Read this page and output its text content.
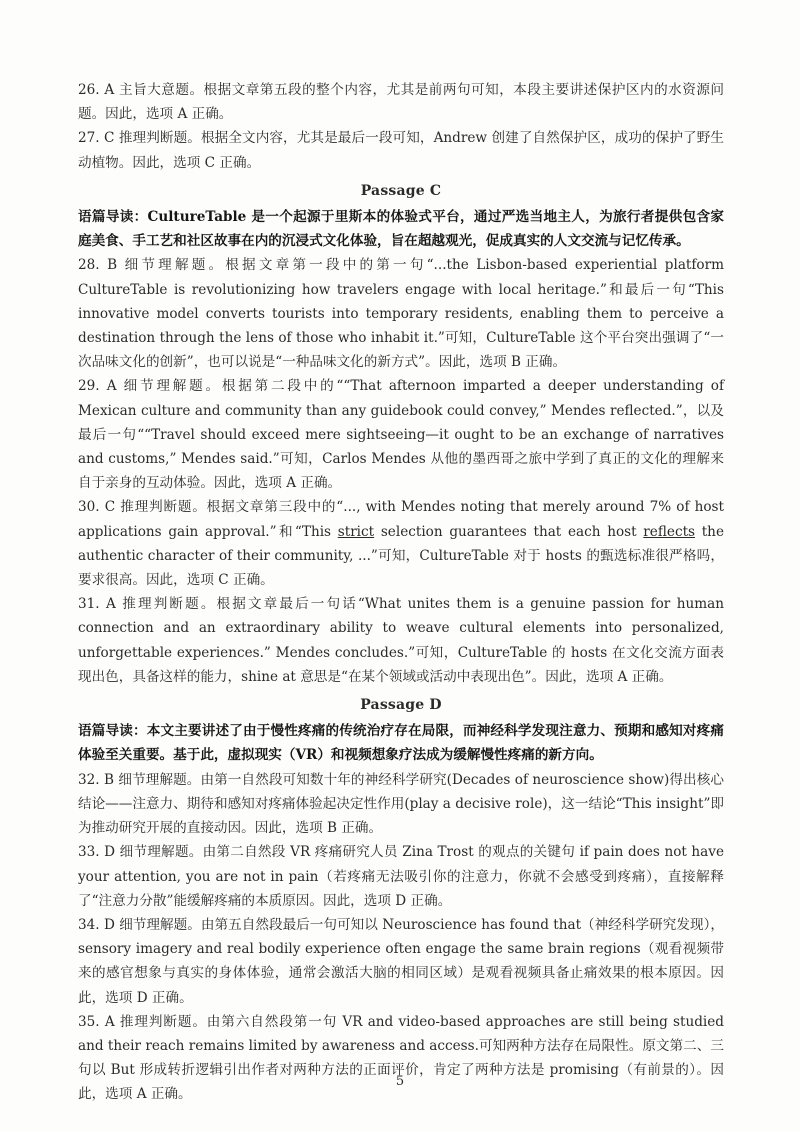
26. A 主旨大意题。根据文章第五段的整个内容，尤其是前两句可知，本段主要讲述保护区内的水资源问题。因此，选项 A 正确。

27. C 推理判断题。根据全文内容，尤其是最后一段可知，Andrew 创建了自然保护区，成功的保护了野生动植物。因此，选项 C 正确。

Passage C

语篇导读：CultureTable 是一个起源于里斯本的体验式平台，通过严选当地主人，为旅行者提供包含家庭美食、手工艺和社区故事在内的沉浸式文化体验，旨在超越观光，促成真实的人文交流与记忆传承。

28. B 细节理解题。根据文章第一段中的第一句“...the Lisbon-based experiential platform CultureTable is revolutionizing how travelers engage with local heritage.”和最后一句“This innovative model converts tourists into temporary residents, enabling them to perceive a destination through the lens of those who inhabit it.”可知，CultureTable 这个平台突出强调了“一次品味文化的创新”，也可以说是“一种品味文化的新方式”。因此，选项 B 正确。

29. A 细节理解题。根据第二段中的““That afternoon imparted a deeper understanding of Mexican culture and community than any guidebook could convey,” Mendes reflected.”，以及最后一句““Travel should exceed mere sightseeing—it ought to be an exchange of narratives and customs,” Mendes said.”可知，Carlos Mendes 从他的墨西哥之旅中学到了真正的文化的理解来自于亲身的互动体验。因此，选项 A 正确。

30. C 推理判断题。根据文章第三段中的“..., with Mendes noting that merely around 7% of host applications gain approval.”和“This strict selection guarantees that each host reflects the authentic character of their community, ...”可知，CultureTable 对于 hosts 的甄选标准很严格吗，要求很高。因此，选项 C 正确。

31. A 推理判断题。根据文章最后一句话“What unites them is a genuine passion for human connection and an extraordinary ability to weave cultural elements into personalized, unforgettable experiences.” Mendes concludes.”可知，CultureTable 的 hosts 在文化交流方面表现出色，具备这样的能力，shine at 意思是“在某个领域或活动中表现出色”。因此，选项 A 正确。

Passage D

语篇导读：本文主要讲述了由于慢性疼痛的传统治疗存在局限，而神经科学发现注意力、预期和感知对疼痛体验至关重要。基于此，虚拟现实（VR）和视频想象疗法成为缓解慢性疼痛的新方向。

32. B 细节理解题。由第一自然段可知数十年的神经科学研究(Decades of neuroscience show)得出核心结论——注意力、期待和感知对疼痛体验起决定性作用(play a decisive role)，这一结论“This insight”即为推动研究开展的直接动因。因此，选项 B 正确。

33. D 细节理解题。由第二自然段 VR 疼痛研究人员 Zina Trost 的观点的关键句 if pain does not have your attention, you are not in pain（若疼痛无法吸引你的注意力，你就不会感受到疼痛），直接解释了“注意力分散”能缓解疼痛的本质原因。因此，选项 D 正确。

34. D 细节理解题。由第五自然段最后一句可知以 Neuroscience has found that（神经科学研究发现），sensory imagery and real bodily experience often engage the same brain regions（观看视频带来的感官想象与真实的身体体验，通常会激活大脑的相同区域）是观看视频具备止痛效果的根本原因。因此，选项 D 正确。

35. A 推理判断题。由第六自然段第一句 VR and video-based approaches are still being studied and their reach remains limited by awareness and access.可知两种方法存在局限性。原文第二、三句以 But 形成转折逻辑引出作者对两种方法的正面评价，肯定了两种方法是 promising（有前景的）。因此，选项 A 正确。

5
